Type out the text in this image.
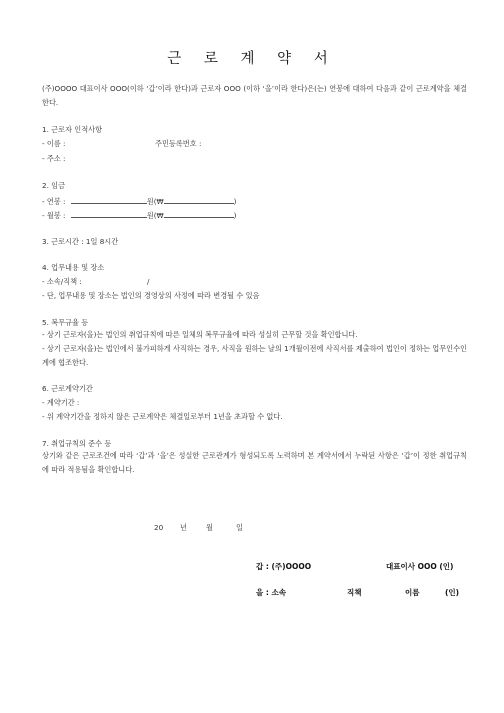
근 로 계 약 서
(주)OOOO 대표이사 OOO(이하 ‘갑’이라 한다)과 근로자 OOO (이하 ‘을’이라 한다)은(는) 연봉에 대하여 다음과 같이 근로계약을 체결한다.
1. 근로자 인적사항
- 이름 :	주민등록번호 :
- 주소 :
2. 임금
- 연봉 :	원(₩	)
- 월봉 :	원(₩	)
3. 근로시간 : 1일 8시간
4. 업무내용 및 장소
- 소속/직책 :	/
- 단, 업무내용 및 장소는 법인의 경영상의 사정에 따라 변경될 수 있음
5. 복무규율 등
- 상기 근로자(을)는 법인의 취업규칙에 따른 일체의 복무규율에 따라 성실히 근무할 것을 확인합니다.
- 상기 근로자(을)는 법인에서 불가피하게 사직하는 경우, 사직을 원하는 날의 1개월이전에 사직서를 제출하여 법인이 정하는 업무인수인계에 협조한다.
6. 근로계약기간
- 계약기간 :
- 위 계약기간을 정하지 않은 근로계약은 체결일로부터 1년을 초과할 수 없다.
7. 취업규칙의 준수 등
상기와 같은 근로조건에 따라 ‘갑’과 ‘을’은 성실한 근로관계가 형성되도록 노력하며 본 계약서에서 누락된 사항은 ‘갑’이 정한 취업규칙에 따라 적용됨을 확인합니다.
20 년	월	일
갑 : (주)OOOO	대표이사 OOO (인)
을 : 소속	직책	이름	(인)
